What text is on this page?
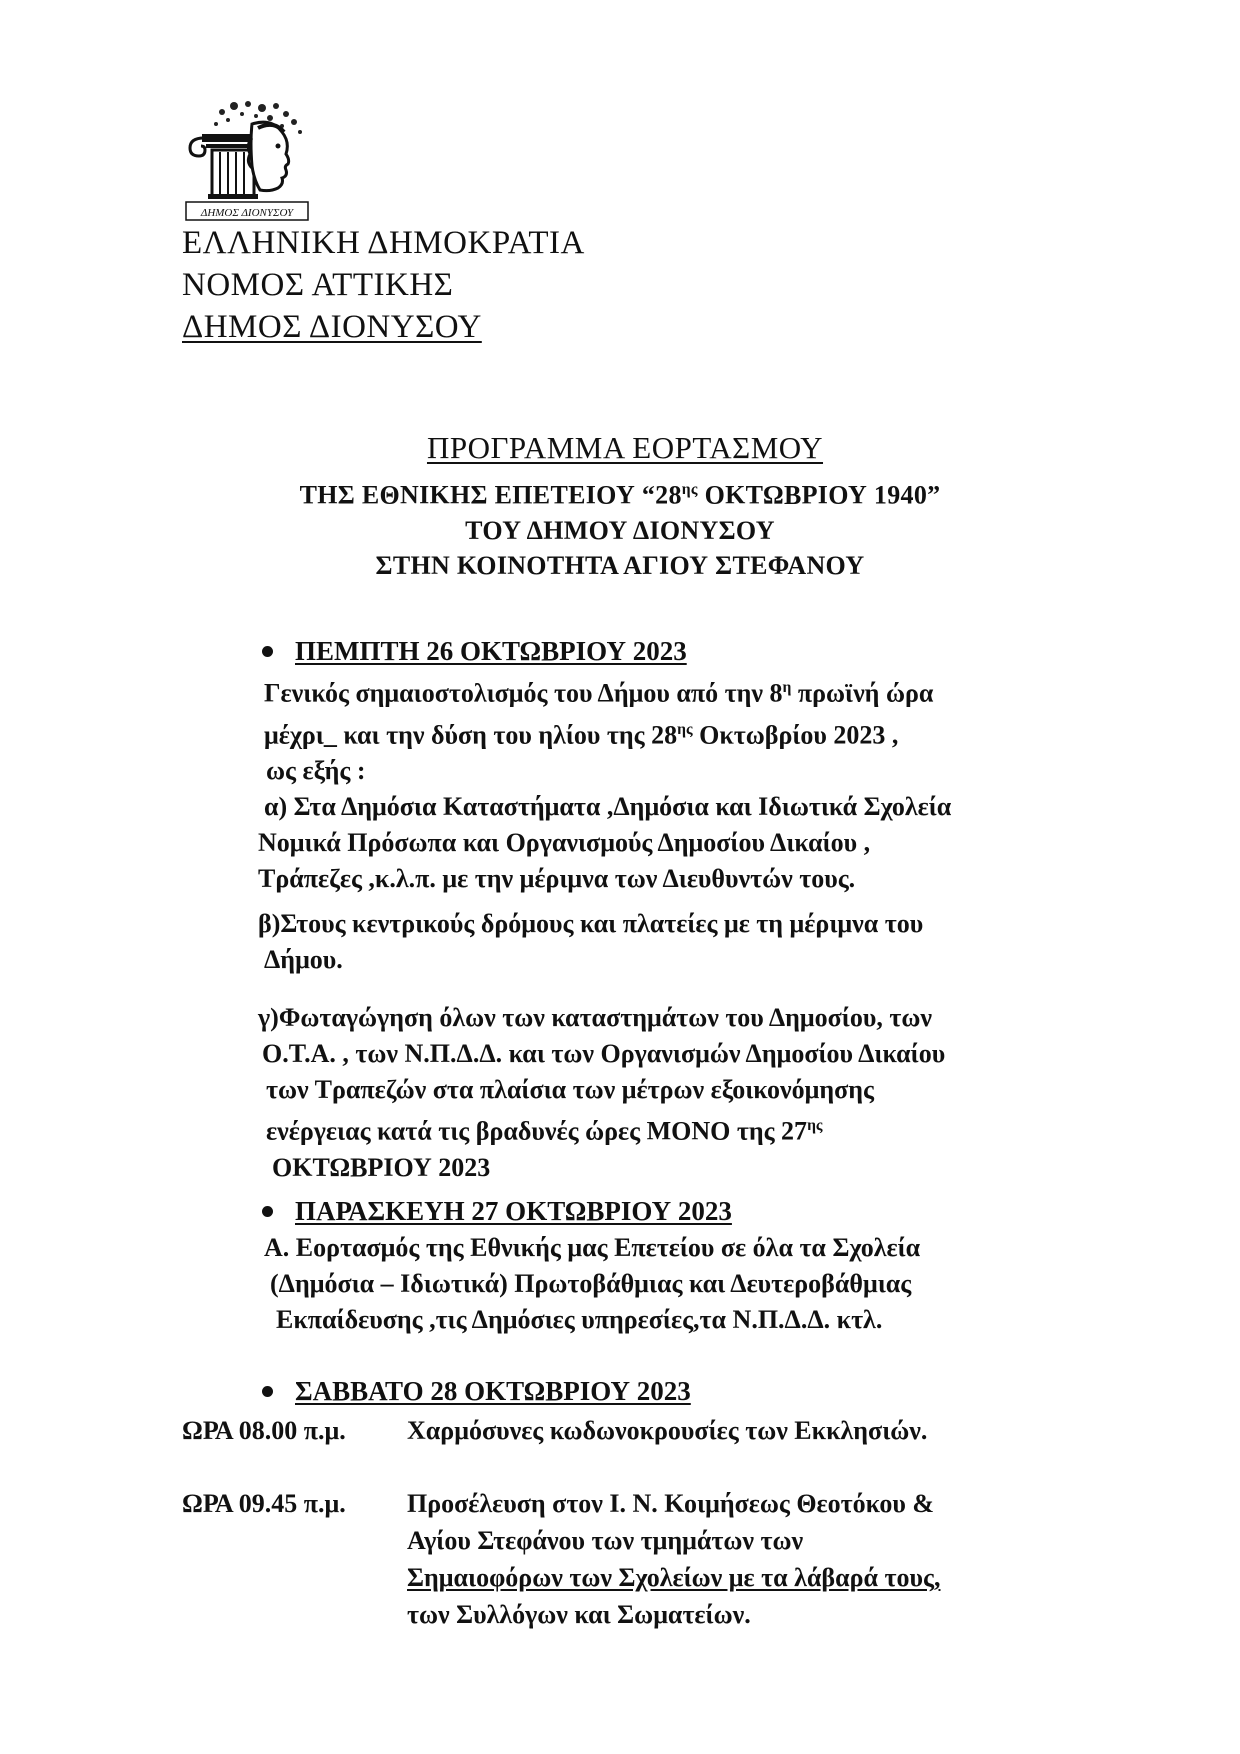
ΔΗΜΟΣ ΔΙΟΝΥΣΟΥ
ΕΛΛΗΝΙΚΗ ΔΗΜΟΚΡΑΤΙΑ
ΝΟΜΟΣ ΑΤΤΙΚΗΣ
ΔΗΜΟΣ ΔΙΟΝΥΣΟΥ
ΠΡΟΓΡΑΜΜΑ ΕΟΡΤΑΣΜΟΥ
ΤΗΣ ΕΘΝΙΚΗΣ ΕΠΕΤΕΙΟΥ “$28^{\eta\varsigma}$ ΟΚΤΩΒΡΙΟΥ 1940”
ΤΟΥ ΔΗΜΟΥ ΔΙΟΝΥΣΟΥ
ΣΤΗΝ ΚΟΙΝΟΤΗΤΑ ΑΓΙΟΥ ΣΤΕΦΑΝΟΥ
ΠΕΜΠΤΗ 26 ΟΚΤΩΒΡΙΟΥ 2023
Γενικός σημαιοστολισμός του Δήμου από την $8^\eta$ πρωϊνή ώρα
μέχρι_ και την δύση του ηλίου της $28^{\eta\varsigma}$ Οκτωβρίου 2023 ,
ως εξής :
α) Στα Δημόσια Καταστήματα ,Δημόσια και Ιδιωτικά Σχολεία
Νομικά Πρόσωπα και Οργανισμούς Δημοσίου Δικαίου ,
Τράπεζες ,κ.λ.π. με την μέριμνα των Διευθυντών τους.
β)Στους κεντρικούς δρόμους και πλατείες με τη μέριμνα του
Δήμου.
γ)Φωταγώγηση όλων των καταστημάτων του Δημοσίου, των
Ο.Τ.Α. , των Ν.Π.Δ.Δ. και των Οργανισμών Δημοσίου Δικαίου
των Τραπεζών στα πλαίσια των μέτρων εξοικονόμησης
ενέργειας κατά τις βραδυνές ώρες ΜΟΝΟ της $27^{\eta\varsigma}$
ΟΚΤΩΒΡΙΟΥ 2023
ΠΑΡΑΣΚΕΥΗ 27 ΟΚΤΩΒΡΙΟΥ 2023
Α. Εορτασμός της Εθνικής μας Επετείου σε όλα τα Σχολεία
(Δημόσια – Ιδιωτικά) Πρωτοβάθμιας και Δευτεροβάθμιας
Εκπαίδευσης ,τις Δημόσιες υπηρεσίες,τα Ν.Π.Δ.Δ. κτλ.
ΣΑΒΒΑΤΟ 28 ΟΚΤΩΒΡΙΟΥ 2023
ΩΡΑ 08.00 π.μ. Χαρμόσυνες κωδωνοκρουσίες των Εκκλησιών.
ΩΡΑ 09.45 π.μ. Προσέλευση στον Ι. Ν. Κοιμήσεως Θεοτόκου &
Αγίου Στεφάνου των τμημάτων των
Σημαιοφόρων των Σχολείων με τα λάβαρά τους,
των Συλλόγων και Σωματείων.
